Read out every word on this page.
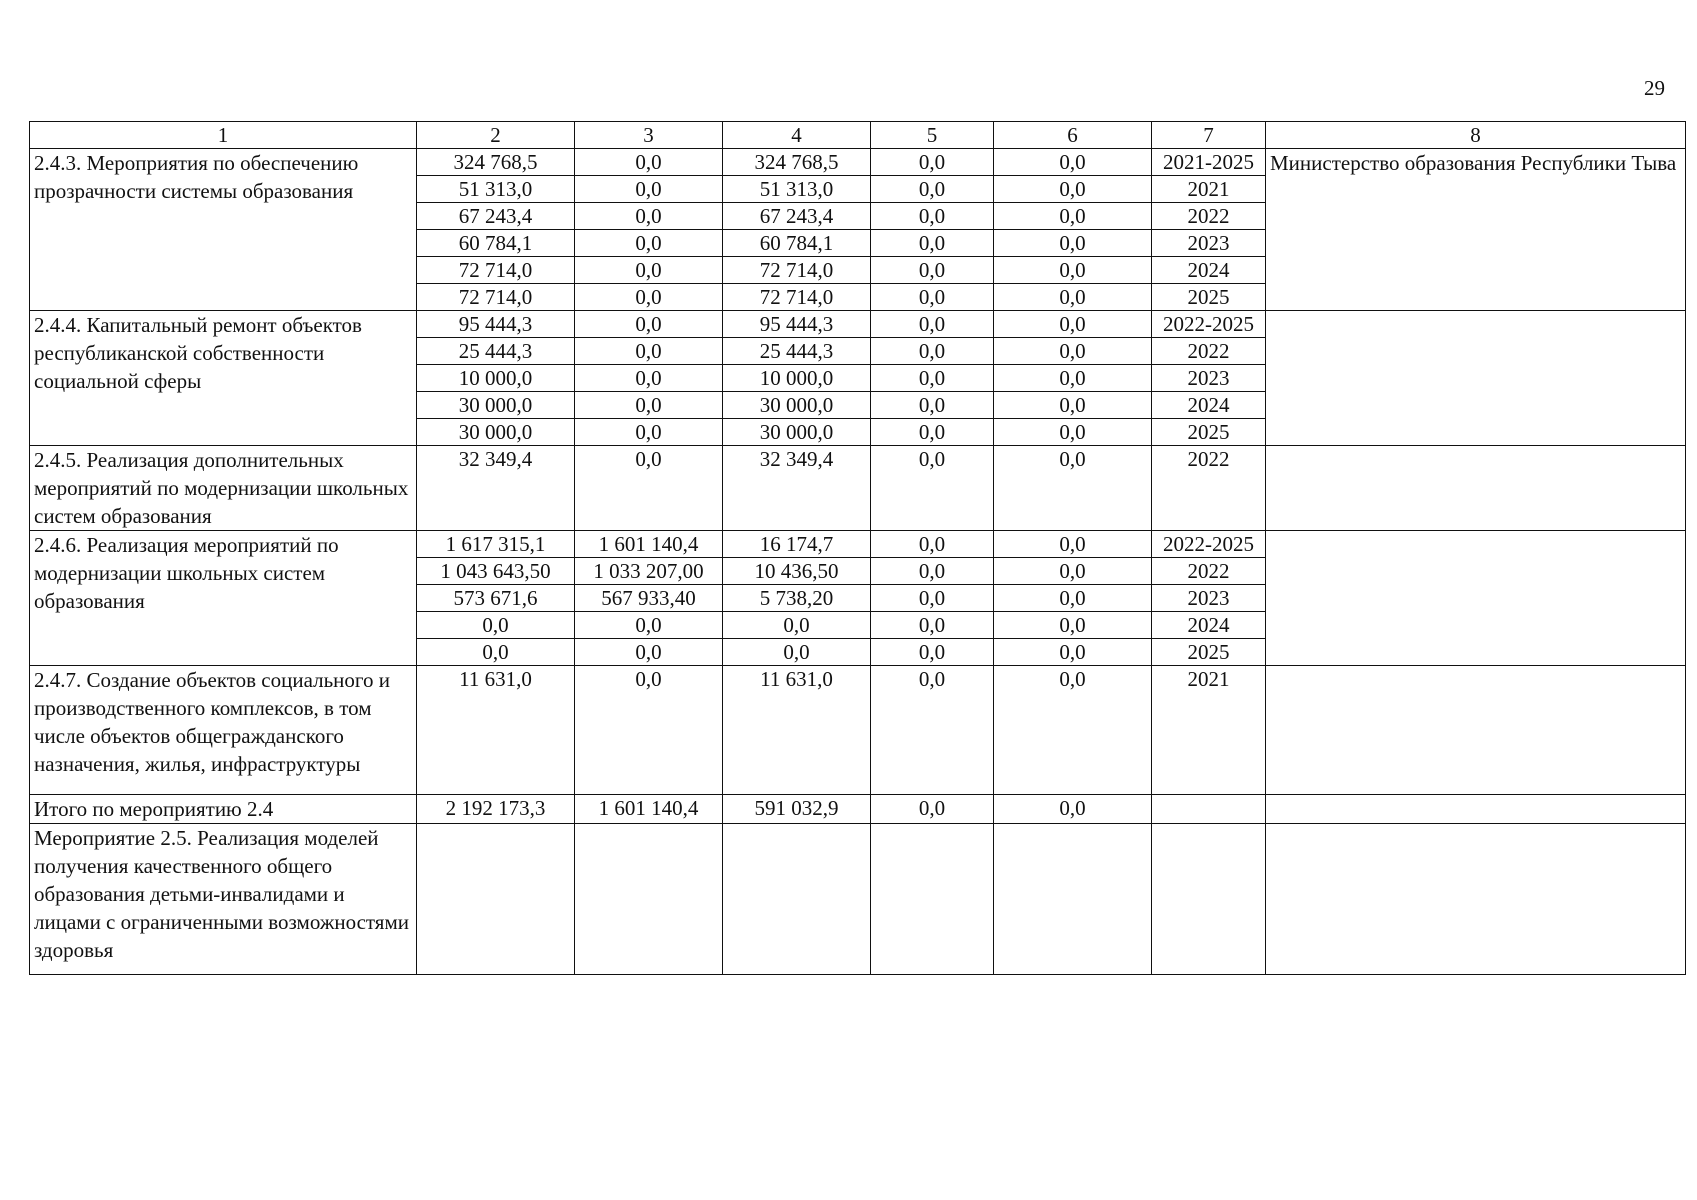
29
1	2	3	4	5	6	7	8
2.4.3. Мероприятия по обеспечению прозрачности системы образования	324 768,5	0,0	324 768,5	0,0	0,0	2021-2025	Министерство образования Республики Тыва
	51 313,0	0,0	51 313,0	0,0	0,0	2021	
	67 243,4	0,0	67 243,4	0,0	0,0	2022	
	60 784,1	0,0	60 784,1	0,0	0,0	2023	
	72 714,0	0,0	72 714,0	0,0	0,0	2024	
	72 714,0	0,0	72 714,0	0,0	0,0	2025	
2.4.4. Капитальный ремонт объектов республиканской собственности социальной сферы	95 444,3	0,0	95 444,3	0,0	0,0	2022-2025	
	25 444,3	0,0	25 444,3	0,0	0,0	2022	
	10 000,0	0,0	10 000,0	0,0	0,0	2023	
	30 000,0	0,0	30 000,0	0,0	0,0	2024	
	30 000,0	0,0	30 000,0	0,0	0,0	2025	
2.4.5. Реализация дополнительных мероприятий по модернизации школьных систем образования	32 349,4	0,0	32 349,4	0,0	0,0	2022	
2.4.6. Реализация мероприятий по модернизации школьных систем образования	1 617 315,1	1 601 140,4	16 174,7	0,0	0,0	2022-2025	
	1 043 643,50	1 033 207,00	10 436,50	0,0	0,0	2022	
	573 671,6	567 933,40	5 738,20	0,0	0,0	2023	
	0,0	0,0	0,0	0,0	0,0	2024	
	0,0	0,0	0,0	0,0	0,0	2025	
2.4.7. Создание объектов социального и производственного комплексов, в том числе объектов общегражданского назначения, жилья, инфраструктуры	11 631,0	0,0	11 631,0	0,0	0,0	2021	
Итого по мероприятию 2.4	2 192 173,3	1 601 140,4	591 032,9	0,0	0,0		
Мероприятие 2.5. Реализация моделей получения качественного общего образования детьми-инвалидами и лицами с ограниченными возможностями здоровья							
